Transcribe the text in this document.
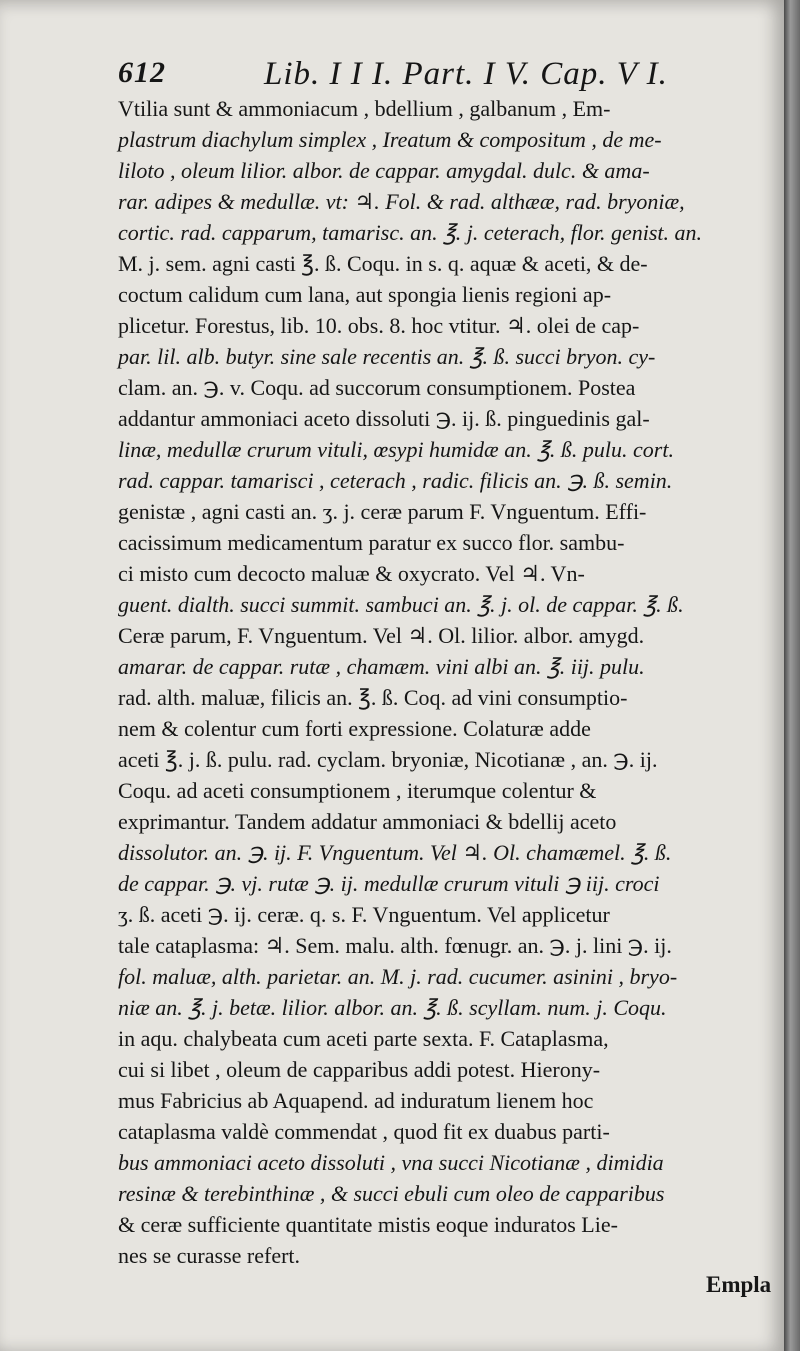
612	Lib. I I I. Part. I V. Cap. V I.
Vtilia sunt & ammoniacum , bdellium , galbanum , Em-
plastrum diachylum simplex , Ireatum & compositum , de me-
liloto , oleum lilior. albor. de cappar. amygdal. dulc. & ama-
rar. adipes & medullæ. vt: ♃. Fol. & rad. althææ, rad. bryoniæ,
cortic. rad. capparum, tamarisc. an. ℥. j. ceterach, flor. genist. an.
M. j. sem. agni casti ℥. ß. Coqu. in s. q. aquæ & aceti, & de-
coctum calidum cum lana, aut spongia lienis regioni ap-
plicetur. Forestus, lib. 10. obs. 8. hoc vtitur. ♃. olei de cap-
par. lil. alb. butyr. sine sale recentis an. ℥. ß. succi bryon. cy-
clam. an. ℈. v. Coqu. ad succorum consumptionem. Postea
addantur ammoniaci aceto dissoluti ℈. ij. ß. pinguedinis gal-
linæ, medullæ crurum vituli, œsypi humidæ an. ℥. ß. pulu. cort.
rad. cappar. tamarisci , ceterach , radic. filicis an. ℈. ß. semin.
genistæ , agni casti an. ʒ. j. ceræ parum F. Vnguentum. Effi-
cacissimum medicamentum paratur ex succo flor. sambu-
ci misto cum decocto maluæ & oxycrato. Vel ♃. Vn-
guent. dialth. succi summit. sambuci an. ℥. j. ol. de cappar. ℥. ß.
Ceræ parum, F. Vnguentum. Vel ♃. Ol. lilior. albor. amygd.
amarar. de cappar. rutæ , chamæm. vini albi an. ℥. iij. pulu.
rad. alth. maluæ, filicis an. ℥. ß. Coq. ad vini consumptio-
nem & colentur cum forti expressione. Colaturæ adde
aceti ℥. j. ß. pulu. rad. cyclam. bryoniæ, Nicotianæ , an. ℈. ij.
Coqu. ad aceti consumptionem , iterumque colentur &
exprimantur. Tandem addatur ammoniaci & bdellij aceto
dissolutor. an. ℈. ij. F. Vnguentum. Vel ♃. Ol. chamæmel. ℥. ß.
de cappar. ℈. vj. rutæ ℈. ij. medullæ crurum vituli ℈ iij. croci
ʒ. ß. aceti ℈. ij. ceræ. q. s. F. Vnguentum. Vel applicetur
tale cataplasma: ♃. Sem. malu. alth. fœnugr. an. ℈. j. lini ℈. ij.
fol. maluæ, alth. parietar. an. M. j. rad. cucumer. asinini , bryo-
niæ an. ℥. j. betæ. lilior. albor. an. ℥. ß. scyllam. num. j. Coqu.
in aqu. chalybeata cum aceti parte sexta. F. Cataplasma,
cui si libet , oleum de capparibus addi potest. Hierony-
mus Fabricius ab Aquapend. ad induratum lienem hoc
cataplasma valdè commendat , quod fit ex duabus parti-
bus ammoniaci aceto dissoluti , vna succi Nicotianæ , dimidia
resinæ & terebinthinæ , & succi ebuli cum oleo de capparibus
& ceræ sufficiente quantitate mistis eoque induratos Lie-
nes se curasse refert.
Empla
